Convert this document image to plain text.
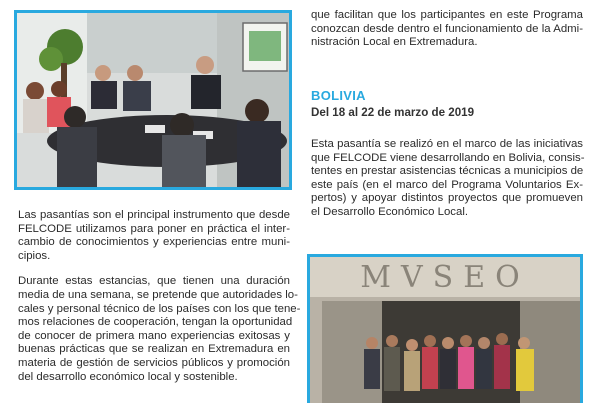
Las pasantías son el principal instrumento que desde
FELCODE utilizamos para poner en práctica el inter-
cambio de conocimientos y experiencias entre muni-
cipios.

Durante estas estancias, que tienen una duración
media de una semana, se pretende que autoridades lo-
cales y personal técnico de los países con los que tene-
mos relaciones de cooperación, tengan la oportunidad
de conocer de primera mano experiencias exitosas y
buenas prácticas que se realizan en Extremadura en
materia de gestión de servicios públicos y promoción
del desarrollo económico local y sostenible.

que facilitan que los participantes en este Programa
conozcan desde dentro el funcionamiento de la Admi-
nistración Local en Extremadura.

BOLIVIA
Del 18 al 22 de marzo de 2019

Esta pasantía se realizó en el marco de las iniciativas
que FELCODE viene desarrollando en Bolivia, consis-
tentes en prestar asistencias técnicas a municipios de
este país (en el marco del Programa Voluntarios Ex-
pertos) y apoyar distintos proyectos que promueven
el Desarrollo Económico Local.

MVSEO
